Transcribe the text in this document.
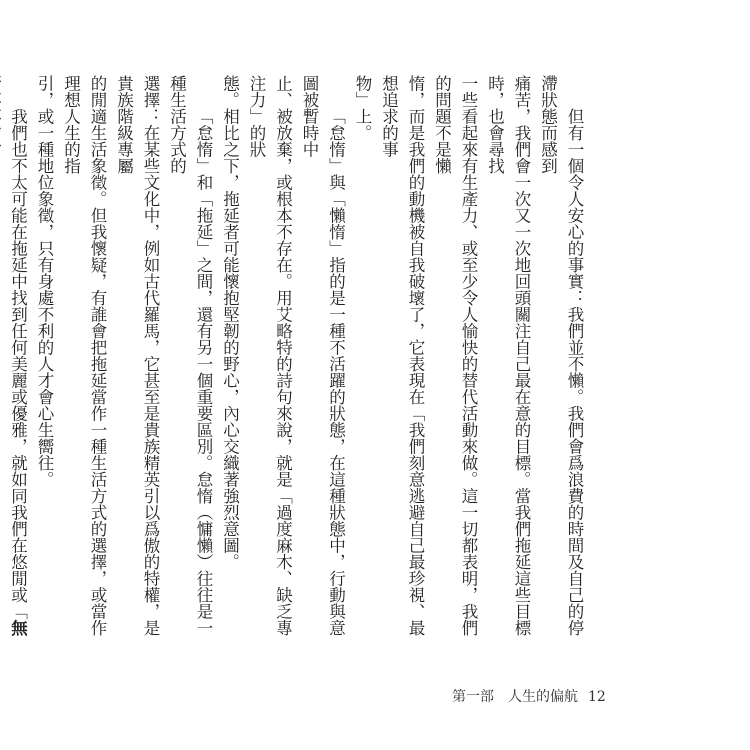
但有一個令人安心的事實：我們並不懶。我們會爲浪費的時間及自己的停滯狀態而感到
痛苦，我們會一次又一次地回頭關注自己最在意的目標。當我們拖延這些目標時，也會尋找
一些看起來有生產力、或至少令人愉快的替代活動來做。這一切都表明，我們的問題不是懶
惰，而是我們的動機被自我破壞了，它表現在「我們刻意逃避自己最珍視、最想追求的事
物」上。
「怠惰」與「懶惰」指的是一種不活躍的狀態，在這種狀態中，行動與意圖被暫時中
止、被放棄，或根本不存在。用艾略特的詩句來說，就是「過度麻木、缺乏專注力」的狀
態。相比之下，拖延者可能懷抱堅韌的野心，內心交織著強烈意圖。
「怠惰」和「拖延」之間，還有另一個重要區別。怠惰（慵懶）往往是一種生活方式的
選擇：在某些文化中，例如古代羅馬，它甚至是貴族精英引以爲傲的特權，是貴族階級專屬
的閒適生活象徵。但我懷疑，有誰會把拖延當作一種生活方式的選擇，或當作理想人生的指
引，或一種地位象徵，只有身處不利的人才會心生嚮往。
我們也不太可能在拖延中找到任何美麗或優雅，就如同我們在悠閒或「無
第一部　人生的偏航 12
